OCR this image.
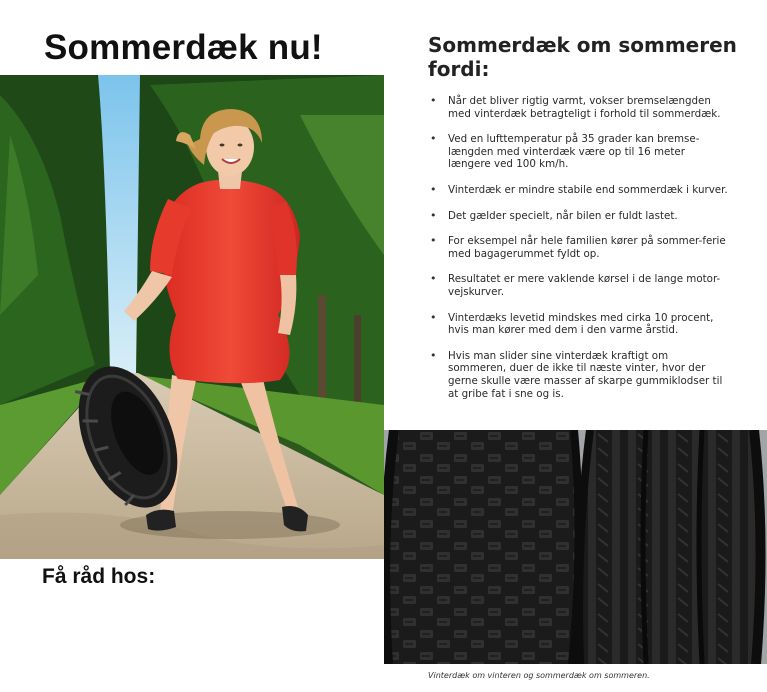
Sommerdæk nu!	Sommerdæk om sommeren fordi:
• Når det bliver rigtig varmt, vokser bremselængden med vinterdæk betragteligt i forhold til sommerdæk.
• Ved en lufttemperatur på 35 grader kan bremse-længden med vinterdæk være op til 16 meter længere ved 100 km/h.
• Vinterdæk er mindre stabile end sommerdæk i kurver.
• Det gælder specielt, når bilen er fuldt lastet.
• For eksempel når hele familien kører på sommer-ferie med bagagerummet fyldt op.
• Resultatet er mere vaklende kørsel i de lange motor-vejskurver.
• Vinterdæks levetid mindskes med cirka 10 procent, hvis man kører med dem i den varme årstid.
• Hvis man slider sine vinterdæk kraftigt om sommeren, duer de ikke til næste vinter, hvor der gerne skulle være masser af skarpe gummiklodser til at gribe fat i sne og is.
Få råd hos:

Vinterdæk om vinteren og sommerdæk om sommeren.
